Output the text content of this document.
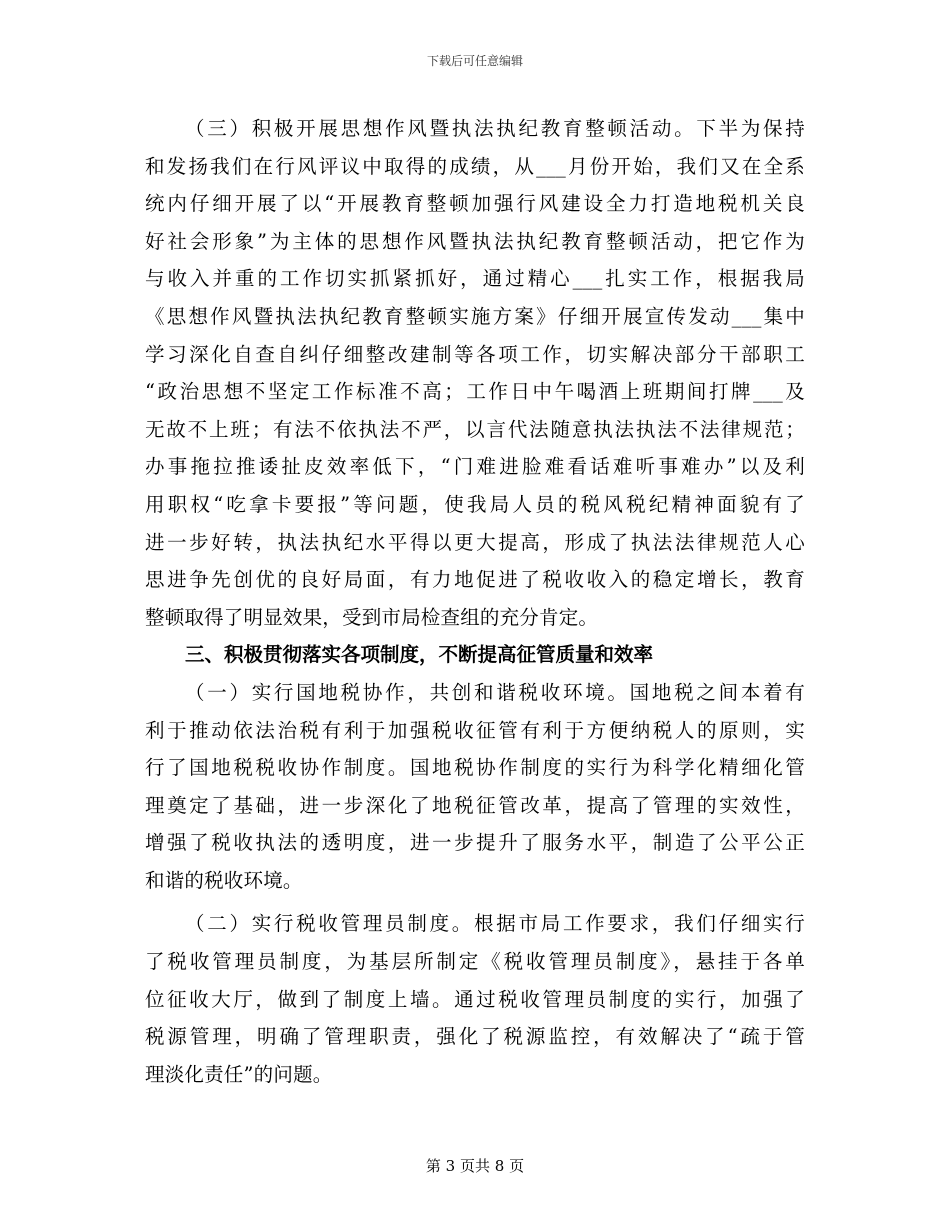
下载后可任意编辑
（三）积极开展思想作风暨执法执纪教育整顿活动。下半为保持
和发扬我们在行风评议中取得的成绩，从___月份开始，我们又在全系
统内仔细开展了以“开展教育整顿加强行风建设全力打造地税机关良
好社会形象”为主体的思想作风暨执法执纪教育整顿活动，把它作为
与收入并重的工作切实抓紧抓好，通过精心___扎实工作，根据我局
《思想作风暨执法执纪教育整顿实施方案》仔细开展宣传发动___集中
学习深化自查自纠仔细整改建制等各项工作，切实解决部分干部职工
“政治思想不坚定工作标准不高；工作日中午喝酒上班期间打牌___及
无故不上班；有法不依执法不严，以言代法随意执法执法不法律规范；
办事拖拉推诿扯皮效率低下，“门难进脸难看话难听事难办”以及利
用职权“吃拿卡要报”等问题，使我局人员的税风税纪精神面貌有了
进一步好转，执法执纪水平得以更大提高，形成了执法法律规范人心
思进争先创优的良好局面，有力地促进了税收收入的稳定增长，教育
整顿取得了明显效果，受到市局检查组的充分肯定。
三、积极贯彻落实各项制度，不断提高征管质量和效率
（一）实行国地税协作，共创和谐税收环境。国地税之间本着有
利于推动依法治税有利于加强税收征管有利于方便纳税人的原则，实
行了国地税税收协作制度。国地税协作制度的实行为科学化精细化管
理奠定了基础，进一步深化了地税征管改革，提高了管理的实效性，
增强了税收执法的透明度，进一步提升了服务水平，制造了公平公正
和谐的税收环境。
（二）实行税收管理员制度。根据市局工作要求，我们仔细实行
了税收管理员制度，为基层所制定《税收管理员制度》，悬挂于各单
位征收大厅，做到了制度上墙。通过税收管理员制度的实行，加强了
税源管理，明确了管理职责，强化了税源监控，有效解决了“疏于管
理淡化责任”的问题。
第 3 页共 8 页
